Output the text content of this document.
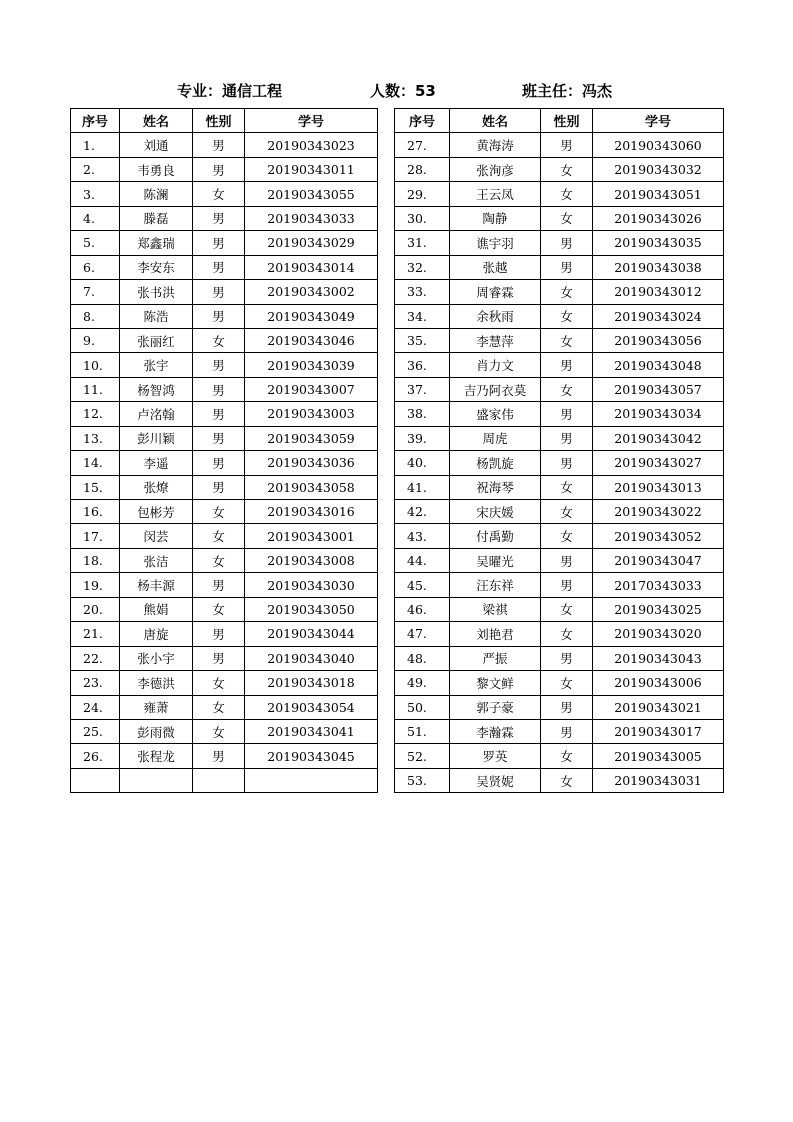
专业：通信工程	人数：53	班主任：冯杰
序号	姓名	性别	学号
1.	刘通	男	20190343023
2.	韦勇良	男	20190343011
3.	陈澜	女	20190343055
4.	滕磊	男	20190343033
5.	郑鑫瑞	男	20190343029
6.	李安东	男	20190343014
7.	张书洪	男	20190343002
8.	陈浩	男	20190343049
9.	张丽红	女	20190343046
10.	张宇	男	20190343039
11.	杨智鸿	男	20190343007
12.	卢洺翰	男	20190343003
13.	彭川颖	男	20190343059
14.	李遥	男	20190343036
15.	张燎	男	20190343058
16.	包彬芳	女	20190343016
17.	闵芸	女	20190343001
18.	张洁	女	20190343008
19.	杨丰源	男	20190343030
20.	熊娟	女	20190343050
21.	唐旋	男	20190343044
22.	张小宇	男	20190343040
23.	李德洪	女	20190343018
24.	雍萧	女	20190343054
25.	彭雨微	女	20190343041
26.	张程龙	男	20190343045

序号	姓名	性别	学号
27.	黄海涛	男	20190343060
28.	张洵彦	女	20190343032
29.	王云凤	女	20190343051
30.	陶静	女	20190343026
31.	谯宇羽	男	20190343035
32.	张越	男	20190343038
33.	周睿霖	女	20190343012
34.	余秋雨	女	20190343024
35.	李慧萍	女	20190343056
36.	肖力文	男	20190343048
37.	吉乃阿衣莫	女	20190343057
38.	盛家伟	男	20190343034
39.	周虎	男	20190343042
40.	杨凯旋	男	20190343027
41.	祝海琴	女	20190343013
42.	宋庆媛	女	20190343022
43.	付禹勤	女	20190343052
44.	吴曜光	男	20190343047
45.	汪东祥	男	20170343033
46.	梁祺	女	20190343025
47.	刘艳君	女	20190343020
48.	严振	男	20190343043
49.	黎文鲜	女	20190343006
50.	郭子豪	男	20190343021
51.	李瀚霖	男	20190343017
52.	罗英	女	20190343005
53.	吴贤妮	女	20190343031
